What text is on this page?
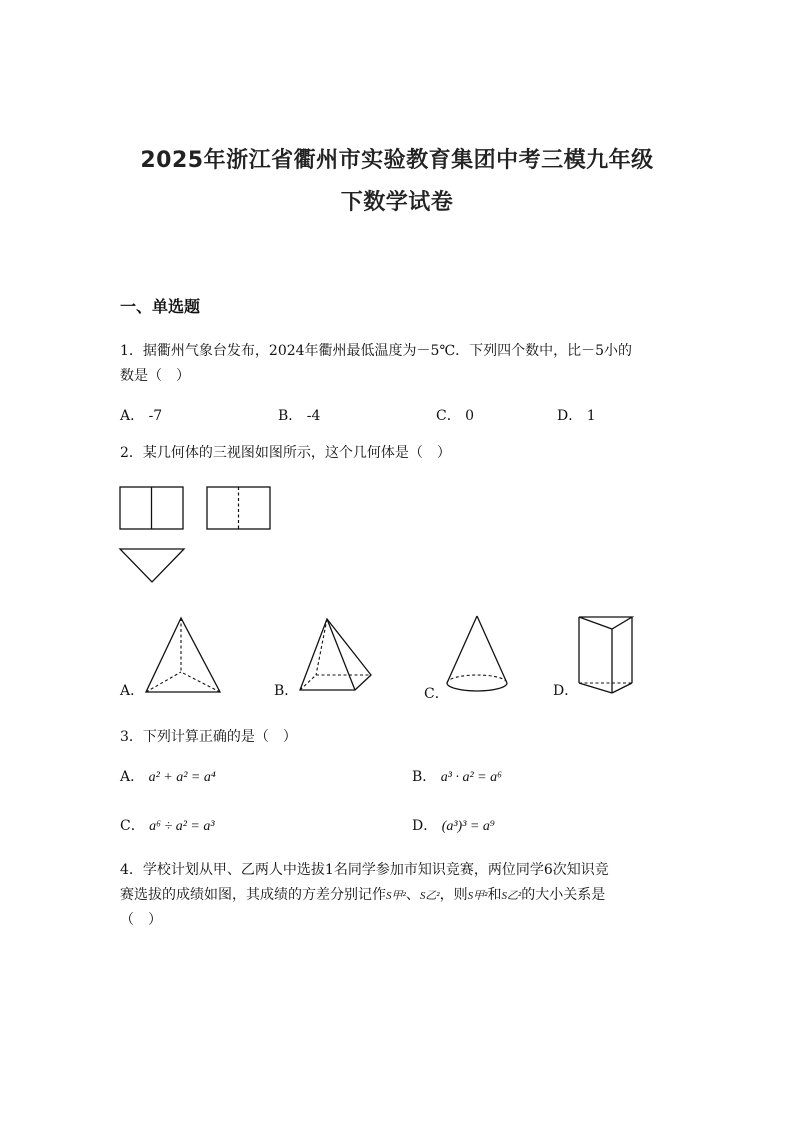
2025年浙江省衢州市实验教育集团中考三模九年级
下数学试卷
一、单选题
1．据衢州气象台发布，2024年衢州最低温度为－5℃．下列四个数中，比－5小的
数是（　）
A． -7	B． -4	C． 0	D． 1
2．某几何体的三视图如图所示，这个几何体是（　）
A．	B．	C．	D．
3．下列计算正确的是（　）
A． a² + a² = a⁴	B． a³ · a² = a⁶
C． a⁶ ÷ a² = a³	D． (a³)³ = a⁹
4．学校计划从甲、乙两人中选拔1名同学参加市知识竞赛，两位同学6次知识竞
赛选拔的成绩如图，其成绩的方差分别记作S甲²、S乙²，则S甲²和S乙²的大小关系是
（　）
